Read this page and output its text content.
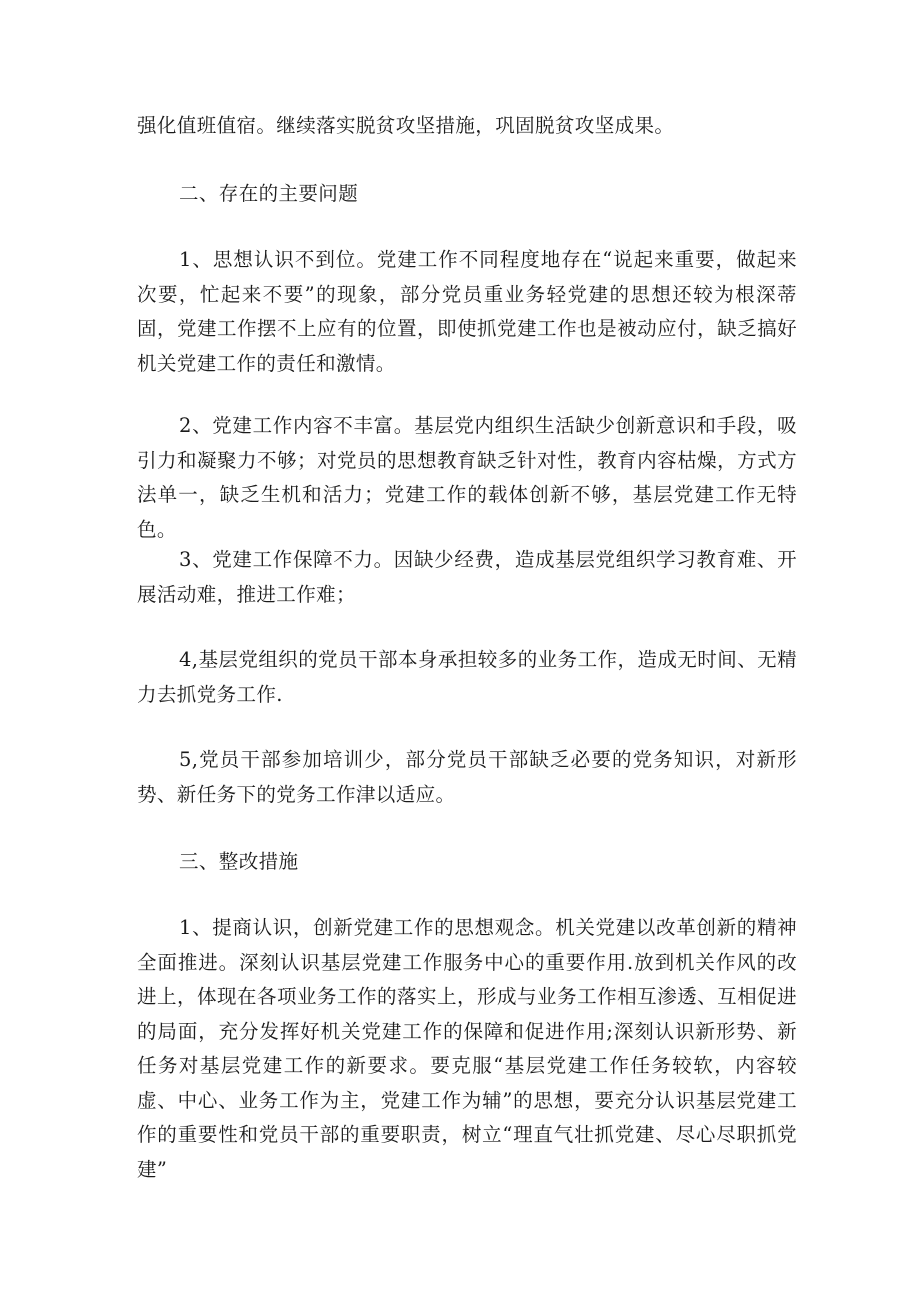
强化值班值宿。继续落实脱贫攻坚措施，巩固脱贫攻坚成果。

二、存在的主要问题

1、思想认识不到位。党建工作不同程度地存在“说起来重要，做起来次要，忙起来不要”的现象，部分党员重业务轻党建的思想还较为根深蒂固，党建工作摆不上应有的位置，即使抓党建工作也是被动应付，缺乏搞好机关党建工作的责任和激情。

2、党建工作内容不丰富。基层党内组织生活缺少创新意识和手段，吸引力和凝聚力不够；对党员的思想教育缺乏针对性，教育内容枯燥，方式方法单一，缺乏生机和活力；党建工作的载体创新不够，基层党建工作无特色。

3、党建工作保障不力。因缺少经费，造成基层党组织学习教育难、开展活动难，推进工作难；

4,基层党组织的党员干部本身承担较多的业务工作，造成无时间、无精力去抓党务工作.

5,党员干部参加培训少，部分党员干部缺乏必要的党务知识，对新形势、新任务下的党务工作津以适应。

三、整改措施

1、提商认识，创新党建工作的思想观念。机关党建以改革创新的精神全面推进。深刻认识基层党建工作服务中心的重要作用.放到机关作风的改进上，体现在各项业务工作的落实上，形成与业务工作相互渗透、互相促进的局面，充分发挥好机关党建工作的保障和促进作用;深刻认识新形势、新任务对基层党建工作的新要求。要克服“基层党建工作任务较软，内容较虚、中心、业务工作为主，党建工作为辅”的思想，要充分认识基层党建工作的重要性和党员干部的重要职责，树立“理直气壮抓党建、尽心尽职抓党建”
